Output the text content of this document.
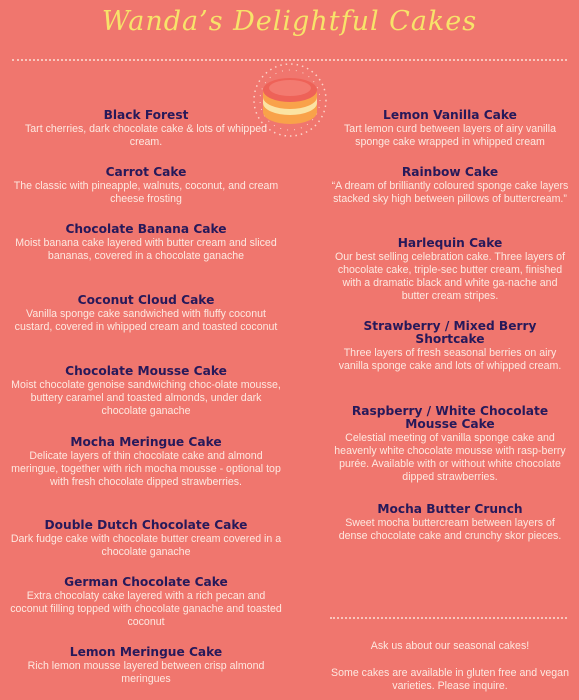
Wanda’s Delightful Cakes
Black Forest

Tart cherries, dark chocolate cake & lots of whipped cream.

Carrot Cake

The classic with pineapple, walnuts, coconut, and cream cheese frosting

Chocolate Banana Cake

Moist banana cake layered with butter cream and sliced bananas, covered in a chocolate ganache

Coconut Cloud Cake

Vanilla sponge cake sandwiched with fluffy coconut custard, covered in whipped cream and toasted coconut

Chocolate Mousse Cake

Moist chocolate genoise sandwiching choc-olate mousse, buttery caramel and toasted almonds, under dark chocolate ganache

Mocha Meringue Cake

Delicate layers of thin chocolate cake and almond meringue, together with rich mocha mousse - optional top with fresh chocolate dipped strawberries.

Double Dutch Chocolate Cake

Dark fudge cake with chocolate butter cream covered in a chocolate ganache

German Chocolate Cake

Extra chocolaty cake layered with a rich pecan and coconut filling topped with chocolate ganache and toasted coconut

Lemon Meringue Cake

Rich lemon mousse layered between crisp almond meringues

Lemon Vanilla Cake

Tart lemon curd between layers of airy vanilla sponge cake wrapped in whipped cream

Rainbow Cake

“A dream of brilliantly coloured sponge cake layers stacked sky high between pillows of buttercream.”

Harlequin Cake

Our best selling celebration cake. Three layers of chocolate cake, triple-sec butter cream, finished with a dramatic black and white ga-nache and butter cream stripes.

Strawberry / Mixed Berry Shortcake

Three layers of fresh seasonal berries on airy vanilla sponge cake and lots of whipped cream.

Raspberry / White Chocolate Mousse Cake

Celestial meeting of vanilla sponge cake and heavenly white chocolate mousse with rasp-berry purée. Available with or without white chocolate dipped strawberries.

Mocha Butter Crunch

Sweet mocha buttercream between layers of dense chocolate cake and crunchy skor pieces.

Ask us about our seasonal cakes!

Some cakes are available in gluten free and vegan varieties. Please inquire.
